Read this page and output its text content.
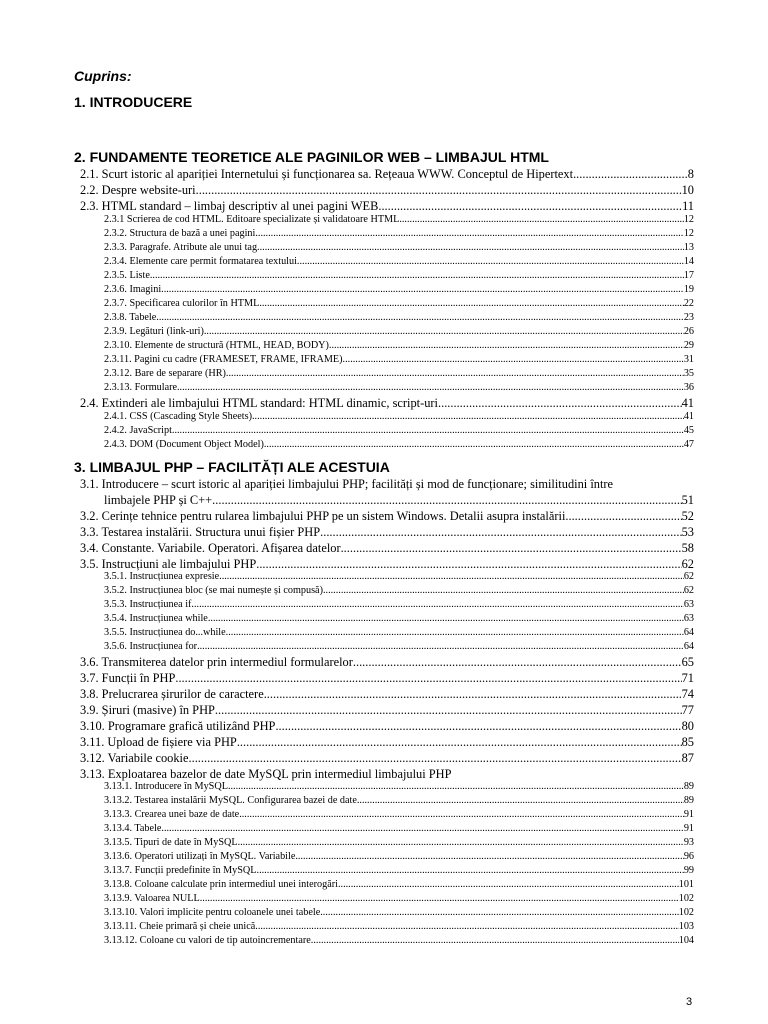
Cuprins:
1. INTRODUCERE
2. FUNDAMENTE TEORETICE ALE PAGINILOR WEB – LIMBAJUL HTML
3. LIMBAJUL PHP – FACILITĂȚI ALE ACESTUIA
2.1. Scurt istoric al apariției Internetului și funcționarea sa. Rețeaua WWW. Conceptul de Hipertext .....	8
2.2. Despre website-uri .....	10
2.3. HTML standard – limbaj descriptiv al unei pagini WEB .....	11
2.3.1 Scrierea de cod HTML. Editoare specializate și validatoare HTML .....	12
2.3.2. Structura de bază a unei pagini .....	12
2.3.3. Paragrafe. Atribute ale unui tag .....	13
2.3.4. Elemente care permit formatarea textului .....	14
2.3.5. Liste .....	17
2.3.6. Imagini .....	19
2.3.7. Specificarea culorilor în HTML .....	22
2.3.8. Tabele .....	23
2.3.9. Legături (link-uri) .....	26
2.3.10. Elemente de structură (HTML, HEAD, BODY) .....	29
2.3.11. Pagini cu cadre (FRAMESET, FRAME, IFRAME) .....	31
2.3.12. Bare de separare (HR) .....	35
2.3.13. Formulare .....	36
2.4. Extinderi ale limbajului HTML standard: HTML dinamic, script-uri .....	41
2.4.1. CSS (Cascading Style Sheets) .....	41
2.4.2. JavaScript .....	45
2.4.3. DOM (Document Object Model) .....	47
3.1. Introducere – scurt istoric al apariției limbajului PHP; facilități și mod de funcționare; similitudini între
limbajele PHP și C++ .....	51
3.2. Cerințe tehnice pentru rularea limbajului PHP pe un sistem Windows. Detalii asupra instalării .....	52
3.3. Testarea instalării. Structura unui fișier PHP .....	53
3.4. Constante. Variabile. Operatori. Afișarea datelor .....	58
3.5. Instrucțiuni ale limbajului PHP .....	62
3.5.1. Instrucțiunea expresie .....	62
3.5.2. Instrucțiunea bloc (se mai numește și compusă) .....	62
3.5.3. Instrucțiunea if .....	63
3.5.4. Instrucțiunea while .....	63
3.5.5. Instrucțiunea do...while .....	64
3.5.6. Instrucțiunea for .....	64
3.6. Transmiterea datelor prin intermediul formularelor .....	65
3.7. Funcții în PHP .....	71
3.8. Prelucrarea șirurilor de caractere .....	74
3.9. Șiruri (masive) în PHP .....	77
3.10. Programare grafică utilizând PHP .....	80
3.11. Upload de fișiere via PHP .....	85
3.12. Variabile cookie .....	87
3.13. Exploatarea bazelor de date MySQL prin intermediul limbajului PHP
3.13.1. Introducere în MySQL .....	89
3.13.2. Testarea instalării MySQL. Configurarea bazei de date .....	89
3.13.3. Crearea unei baze de date .....	91
3.13.4. Tabele .....	91
3.13.5. Tipuri de date în MySQL .....	93
3.13.6. Operatori utilizați în MySQL. Variabile .....	96
3.13.7. Funcții predefinite în MySQL .....	99
3.13.8. Coloane calculate prin intermediul unei interogări .....	101
3.13.9. Valoarea NULL .....	102
3.13.10. Valori implicite pentru coloanele unei tabele .....	102
3.13.11. Cheie primară și cheie unică .....	103
3.13.12. Coloane cu valori de tip autoincrementare .....	104
3
